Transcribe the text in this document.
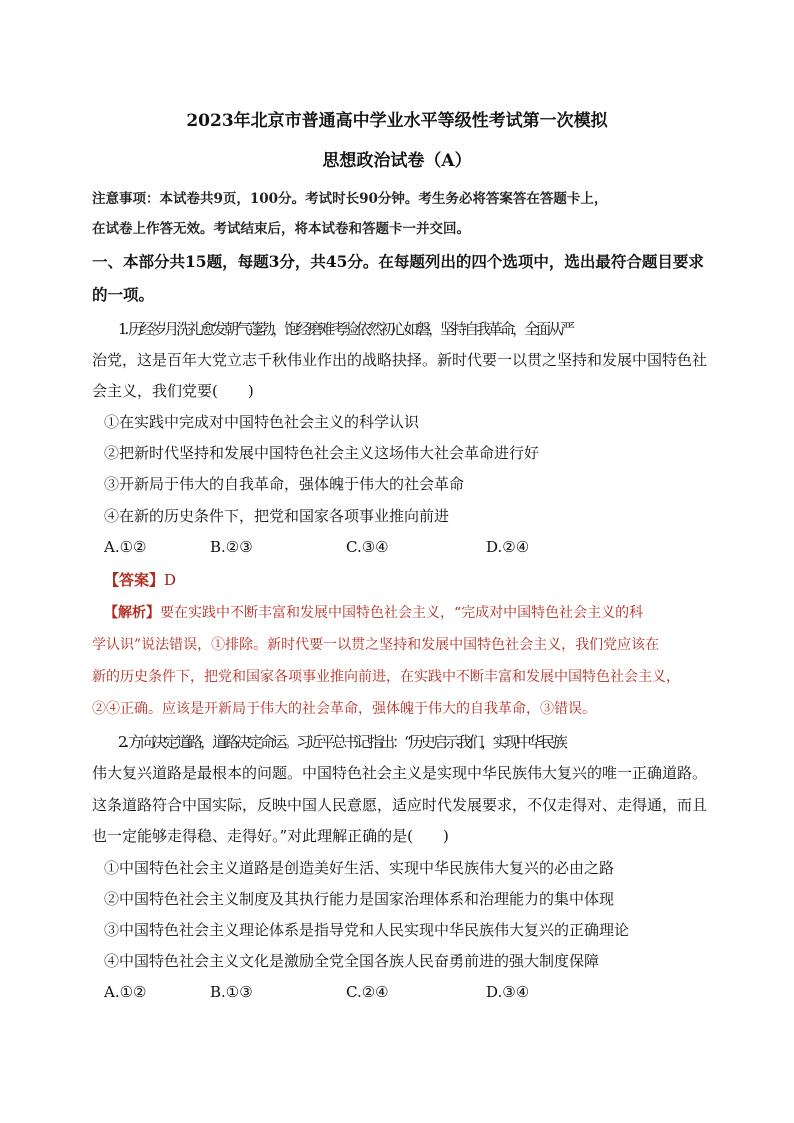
2023年北京市普通高中学业水平等级性考试第一次模拟
思想政治试卷（A）
注意事项：本试卷共9页，100分。考试时长90分钟。考生务必将答案答在答题卡上，
在试卷上作答无效。考试结束后，将本试卷和答题卡一并交回。
一、本部分共15题，每题3分，共45分。在每题列出的四个选项中，选出最符合题目要求
的一项。
1. 历经岁月洗礼愈发朝气蓬勃，饱经磨难考验依然初心如磐，坚持自我革命，全面从严
治党，这是百年大党立志千秋伟业作出的战略抉择。新时代要一以贯之坚持和发展中国特色社
会主义，我们党要(　　)
①在实践中完成对中国特色社会主义的科学认识
②把新时代坚持和发展中国特色社会主义这场伟大社会革命进行好
③开新局于伟大的自我革命，强体魄于伟大的社会革命
④在新的历史条件下，把党和国家各项事业推向前进
A.①②	B.②③	C.③④	D.②④
【答案】D
【解析】要在实践中不断丰富和发展中国特色社会主义，“完成对中国特色社会主义的科
学认识”说法错误，①排除。新时代要一以贯之坚持和发展中国特色社会主义，我们党应该在
新的历史条件下，把党和国家各项事业推向前进，在实践中不断丰富和发展中国特色社会主义，
②④正确。应该是开新局于伟大的社会革命，强体魄于伟大的自我革命，③错误。
2. 方向决定道路，道路决定命运。习近平总书记指出：“历史启示我们，实现中华民族
伟大复兴道路是最根本的问题。中国特色社会主义是实现中华民族伟大复兴的唯一正确道路。
这条道路符合中国实际，反映中国人民意愿，适应时代发展要求，不仅走得对、走得通，而且
也一定能够走得稳、走得好。”对此理解正确的是(　　)
①中国特色社会主义道路是创造美好生活、实现中华民族伟大复兴的必由之路
②中国特色社会主义制度及其执行能力是国家治理体系和治理能力的集中体现
③中国特色社会主义理论体系是指导党和人民实现中华民族伟大复兴的正确理论
④中国特色社会主义文化是激励全党全国各族人民奋勇前进的强大制度保障
A.①②	B.①③	C.②④	D.③④
